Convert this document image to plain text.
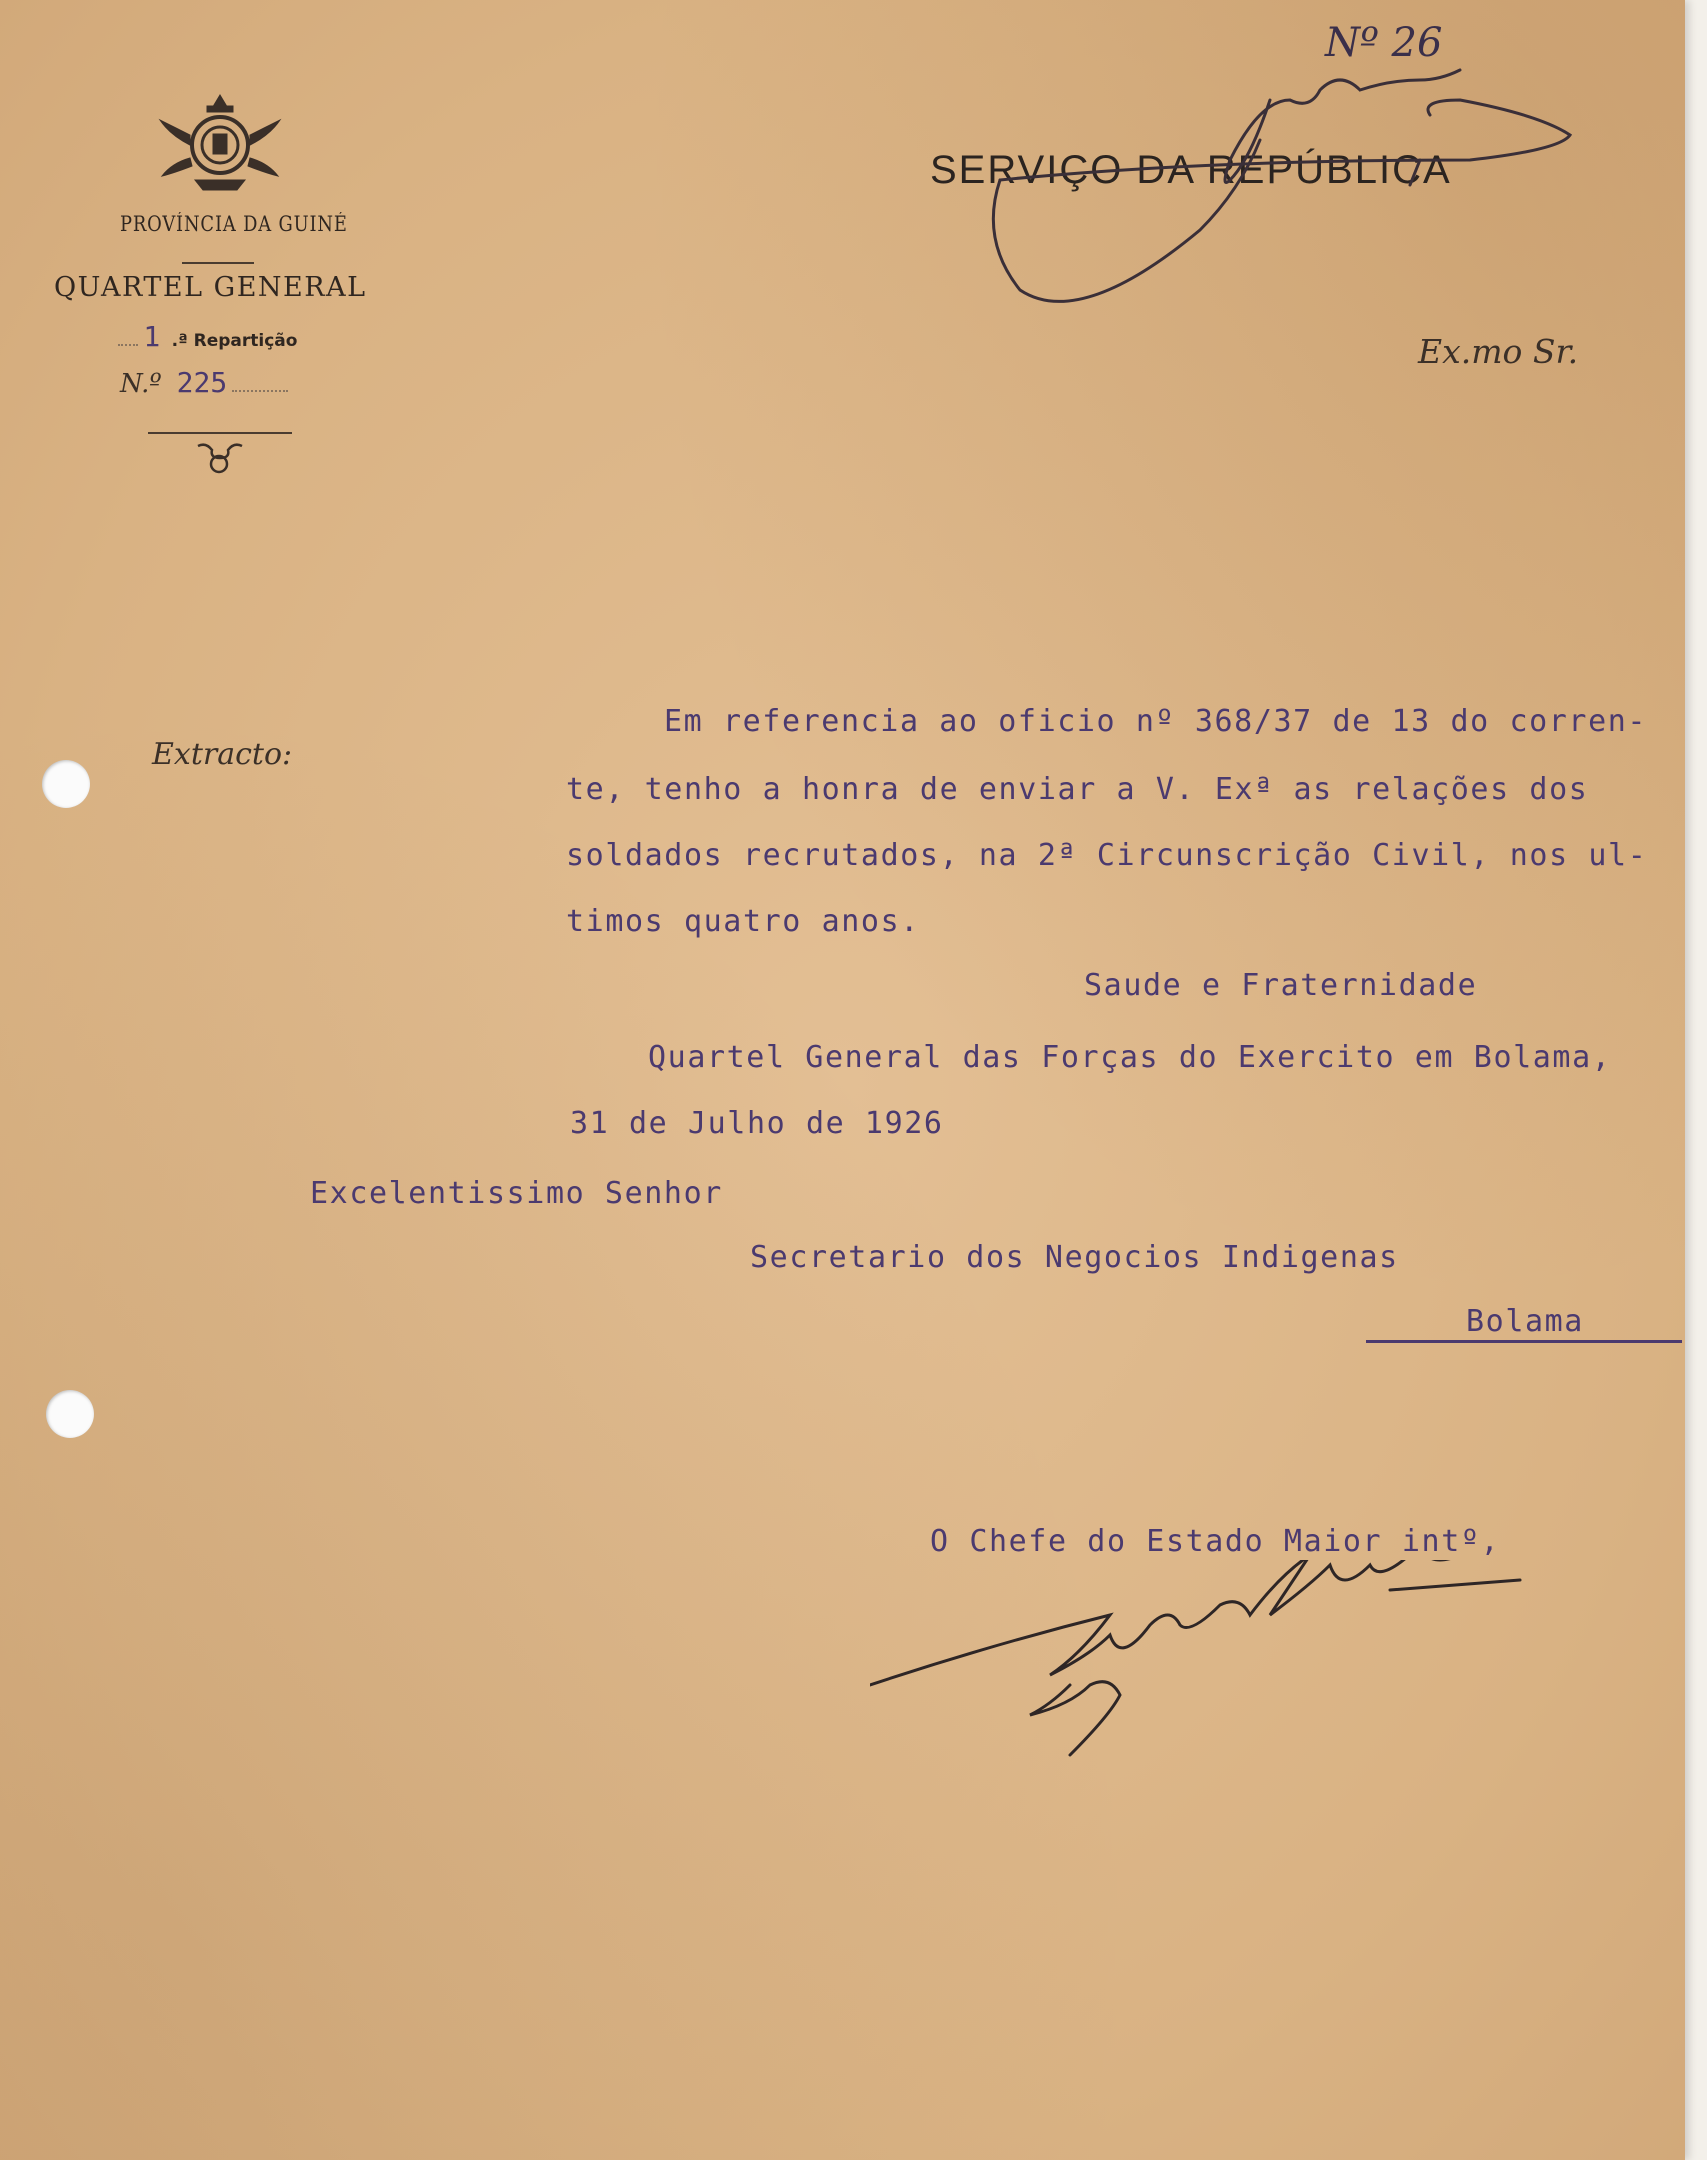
PROVÍNCIA DA GUINÉ
QUARTEL GENERAL
1 .ª Repartição
N.º 225
SERVIÇO DA REPÚBLICA
Nº 26
Ex.mo Sr.
Extracto:
Em referencia ao oficio nº 368/37 de 13 do corren-
te, tenho a honra de enviar a V. Exª as relações dos
soldados recrutados, na 2ª Circunscrição Civil, nos ul-
timos quatro anos.
Saude e Fraternidade
Quartel General das Forças do Exercito em Bolama,
31 de Julho de 1926
Excelentissimo Senhor
Secretario dos Negocios Indigenas
Bolama
O Chefe do Estado Maior intº,
